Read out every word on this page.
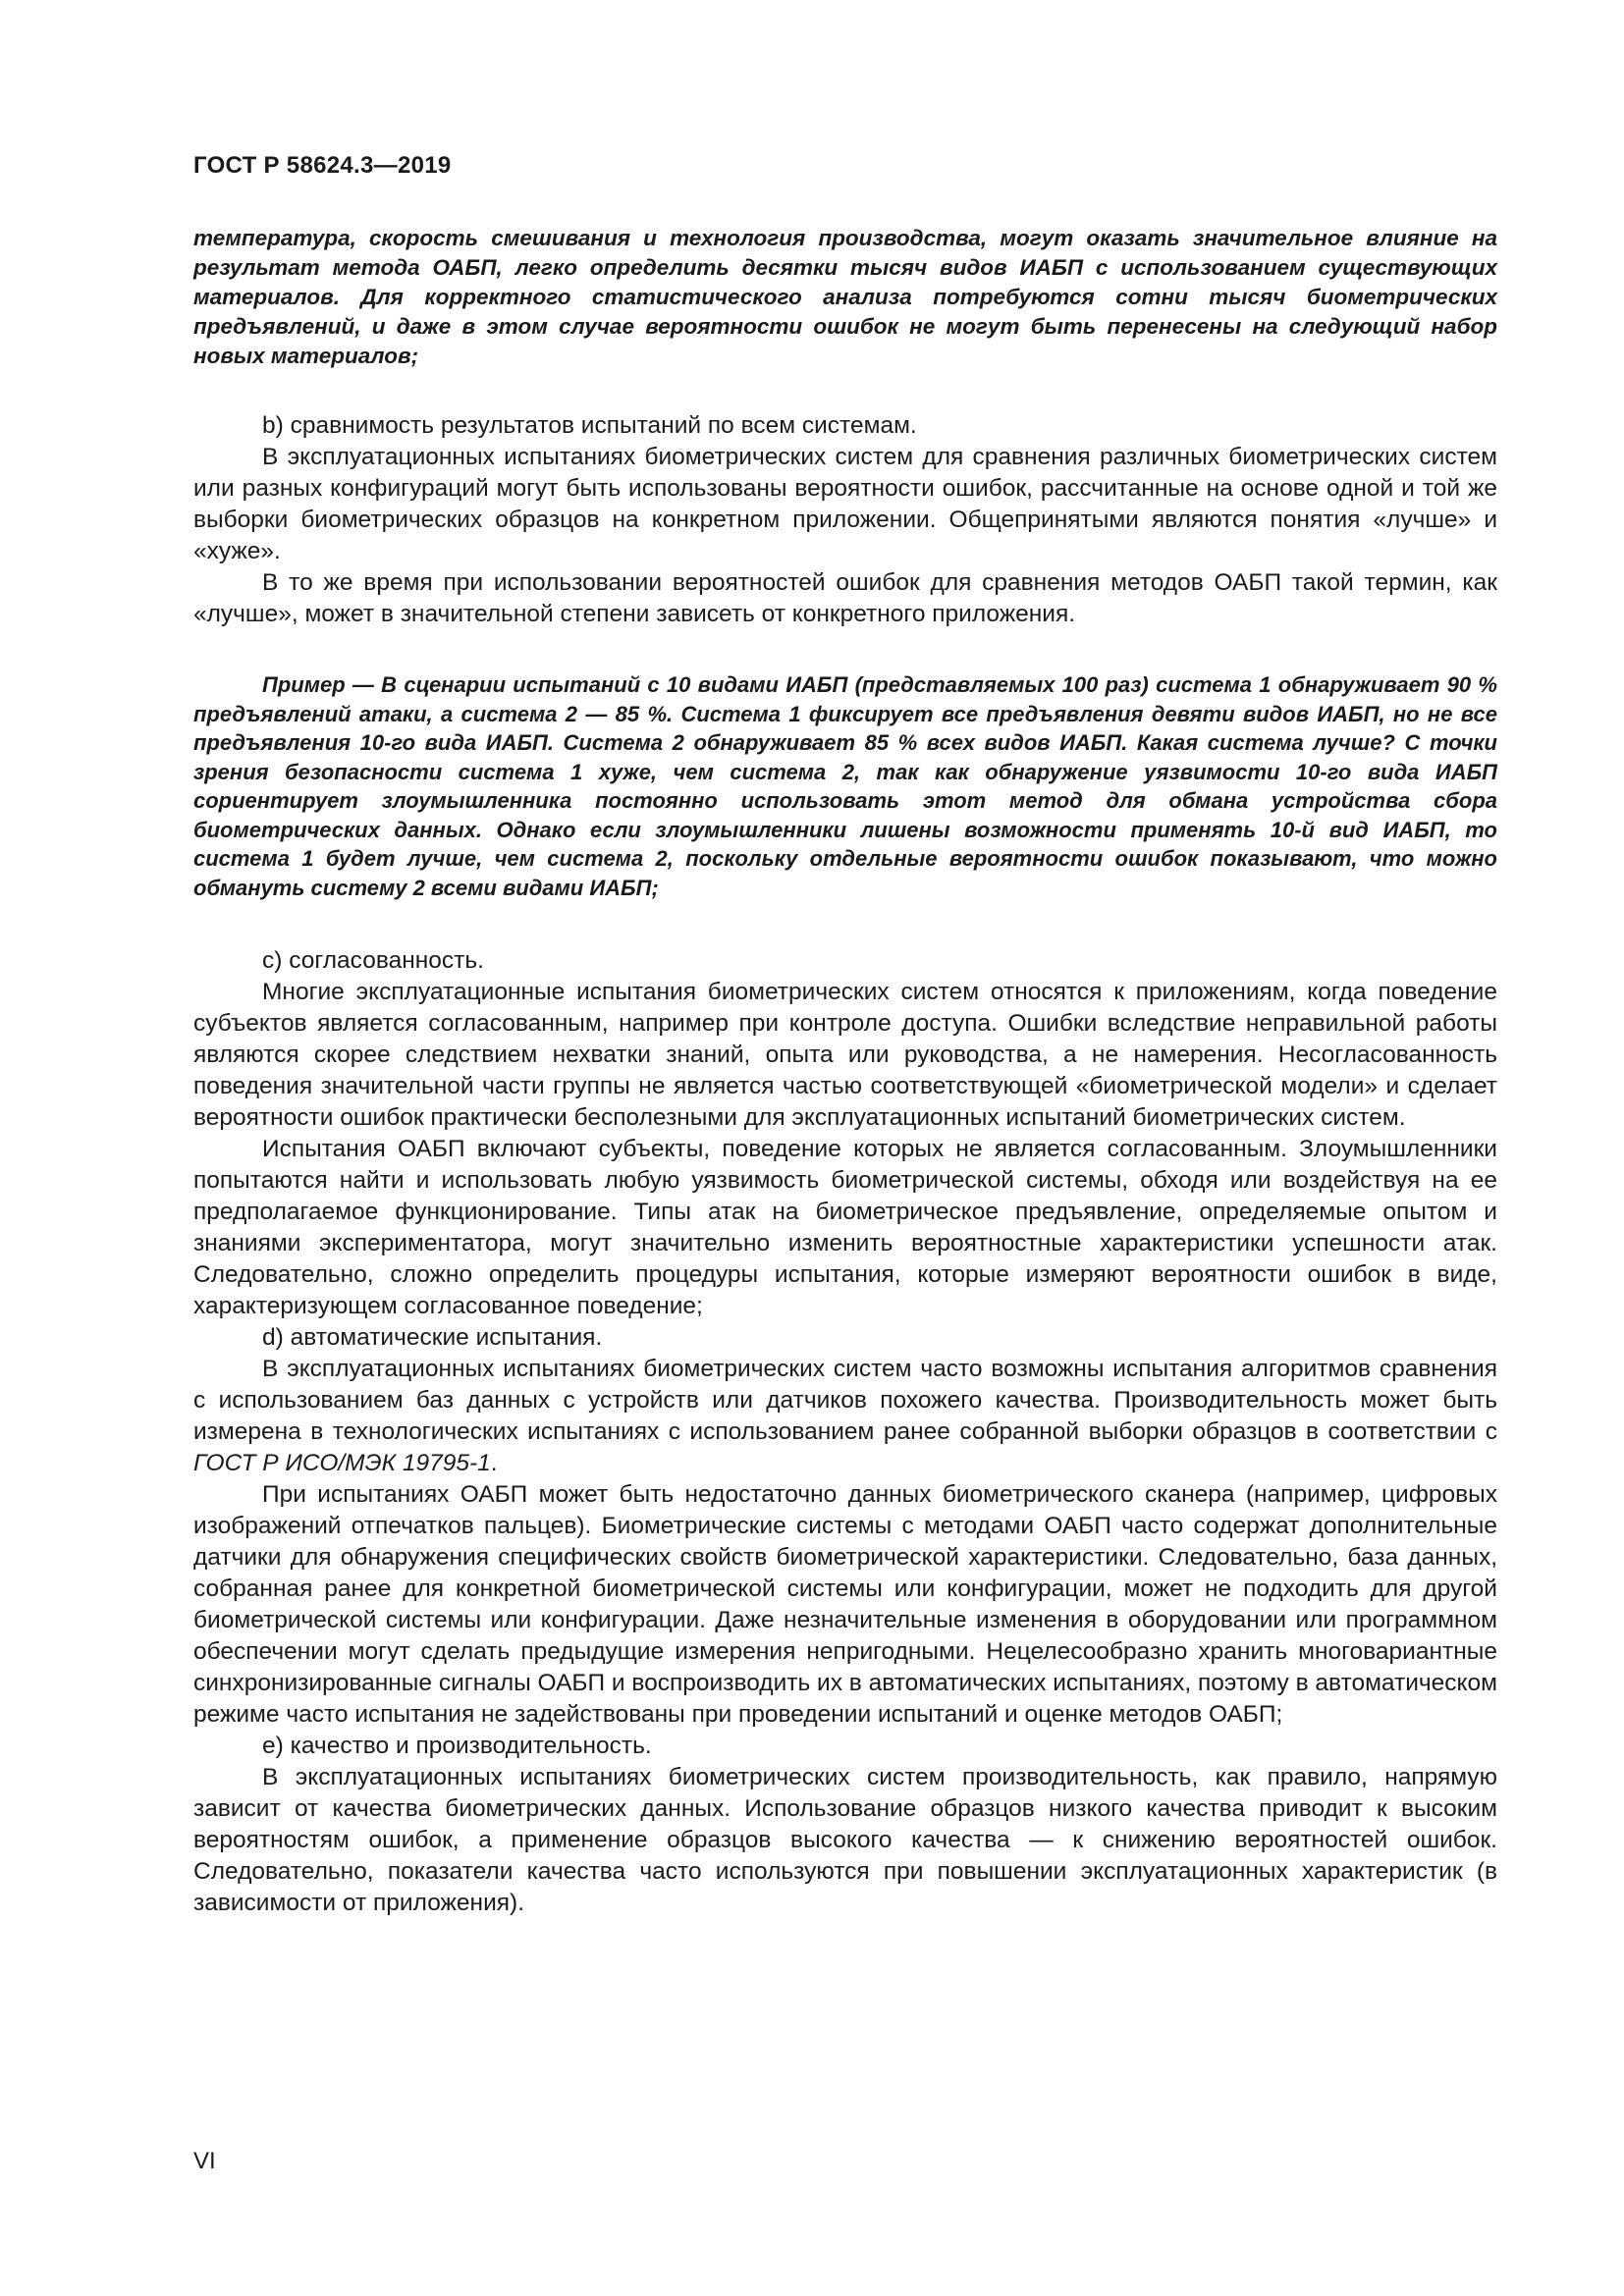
ГОСТ Р 58624.3—2019

температура, скорость смешивания и технология производства, могут оказать значительное влияние на результат метода ОАБП, легко определить десятки тысяч видов ИАБП с использованием существующих материалов. Для корректного статистического анализа потребуются сотни тысяч биометрических предъявлений, и даже в этом случае вероятности ошибок не могут быть перенесены на следующий набор новых материалов;

b) сравнимость результатов испытаний по всем системам.

В эксплуатационных испытаниях биометрических систем для сравнения различных биометрических систем или разных конфигураций могут быть использованы вероятности ошибок, рассчитанные на основе одной и той же выборки биометрических образцов на конкретном приложении. Общепринятыми являются понятия «лучше» и «хуже».

В то же время при использовании вероятностей ошибок для сравнения методов ОАБП такой термин, как «лучше», может в значительной степени зависеть от конкретного приложения.

Пример — В сценарии испытаний с 10 видами ИАБП (представляемых 100 раз) система 1 обнаруживает 90 % предъявлений атаки, а система 2 — 85 %. Система 1 фиксирует все предъявления девяти видов ИАБП, но не все предъявления 10-го вида ИАБП. Система 2 обнаруживает 85 % всех видов ИАБП. Какая система лучше? С точки зрения безопасности система 1 хуже, чем система 2, так как обнаружение уязвимости 10-го вида ИАБП сориентирует злоумышленника постоянно использовать этот метод для обмана устройства сбора биометрических данных. Однако если злоумышленники лишены возможности применять 10-й вид ИАБП, то система 1 будет лучше, чем система 2, поскольку отдельные вероятности ошибок показывают, что можно обмануть систему 2 всеми видами ИАБП;

c) согласованность.

Многие эксплуатационные испытания биометрических систем относятся к приложениям, когда поведение субъектов является согласованным, например при контроле доступа. Ошибки вследствие неправильной работы являются скорее следствием нехватки знаний, опыта или руководства, а не намерения. Несогласованность поведения значительной части группы не является частью соответствующей «биометрической модели» и сделает вероятности ошибок практически бесполезными для эксплуатационных испытаний биометрических систем.

Испытания ОАБП включают субъекты, поведение которых не является согласованным. Злоумышленники попытаются найти и использовать любую уязвимость биометрической системы, обходя или воздействуя на ее предполагаемое функционирование. Типы атак на биометрическое предъявление, определяемые опытом и знаниями экспериментатора, могут значительно изменить вероятностные характеристики успешности атак. Следовательно, сложно определить процедуры испытания, которые измеряют вероятности ошибок в виде, характеризующем согласованное поведение;

d) автоматические испытания.

В эксплуатационных испытаниях биометрических систем часто возможны испытания алгоритмов сравнения с использованием баз данных с устройств или датчиков похожего качества. Производительность может быть измерена в технологических испытаниях с использованием ранее собранной выборки образцов в соответствии с ГОСТ Р ИСО/МЭК 19795-1.

При испытаниях ОАБП может быть недостаточно данных биометрического сканера (например, цифровых изображений отпечатков пальцев). Биометрические системы с методами ОАБП часто содержат дополнительные датчики для обнаружения специфических свойств биометрической характеристики. Следовательно, база данных, собранная ранее для конкретной биометрической системы или конфигурации, может не подходить для другой биометрической системы или конфигурации. Даже незначительные изменения в оборудовании или программном обеспечении могут сделать предыдущие измерения непригодными. Нецелесообразно хранить многовариантные синхронизированные сигналы ОАБП и воспроизводить их в автоматических испытаниях, поэтому в автоматическом режиме часто испытания не задействованы при проведении испытаний и оценке методов ОАБП;

e) качество и производительность.

В эксплуатационных испытаниях биометрических систем производительность, как правило, напрямую зависит от качества биометрических данных. Использование образцов низкого качества приводит к высоким вероятностям ошибок, а применение образцов высокого качества — к снижению вероятностей ошибок. Следовательно, показатели качества часто используются при повышении эксплуатационных характеристик (в зависимости от приложения).

VI
